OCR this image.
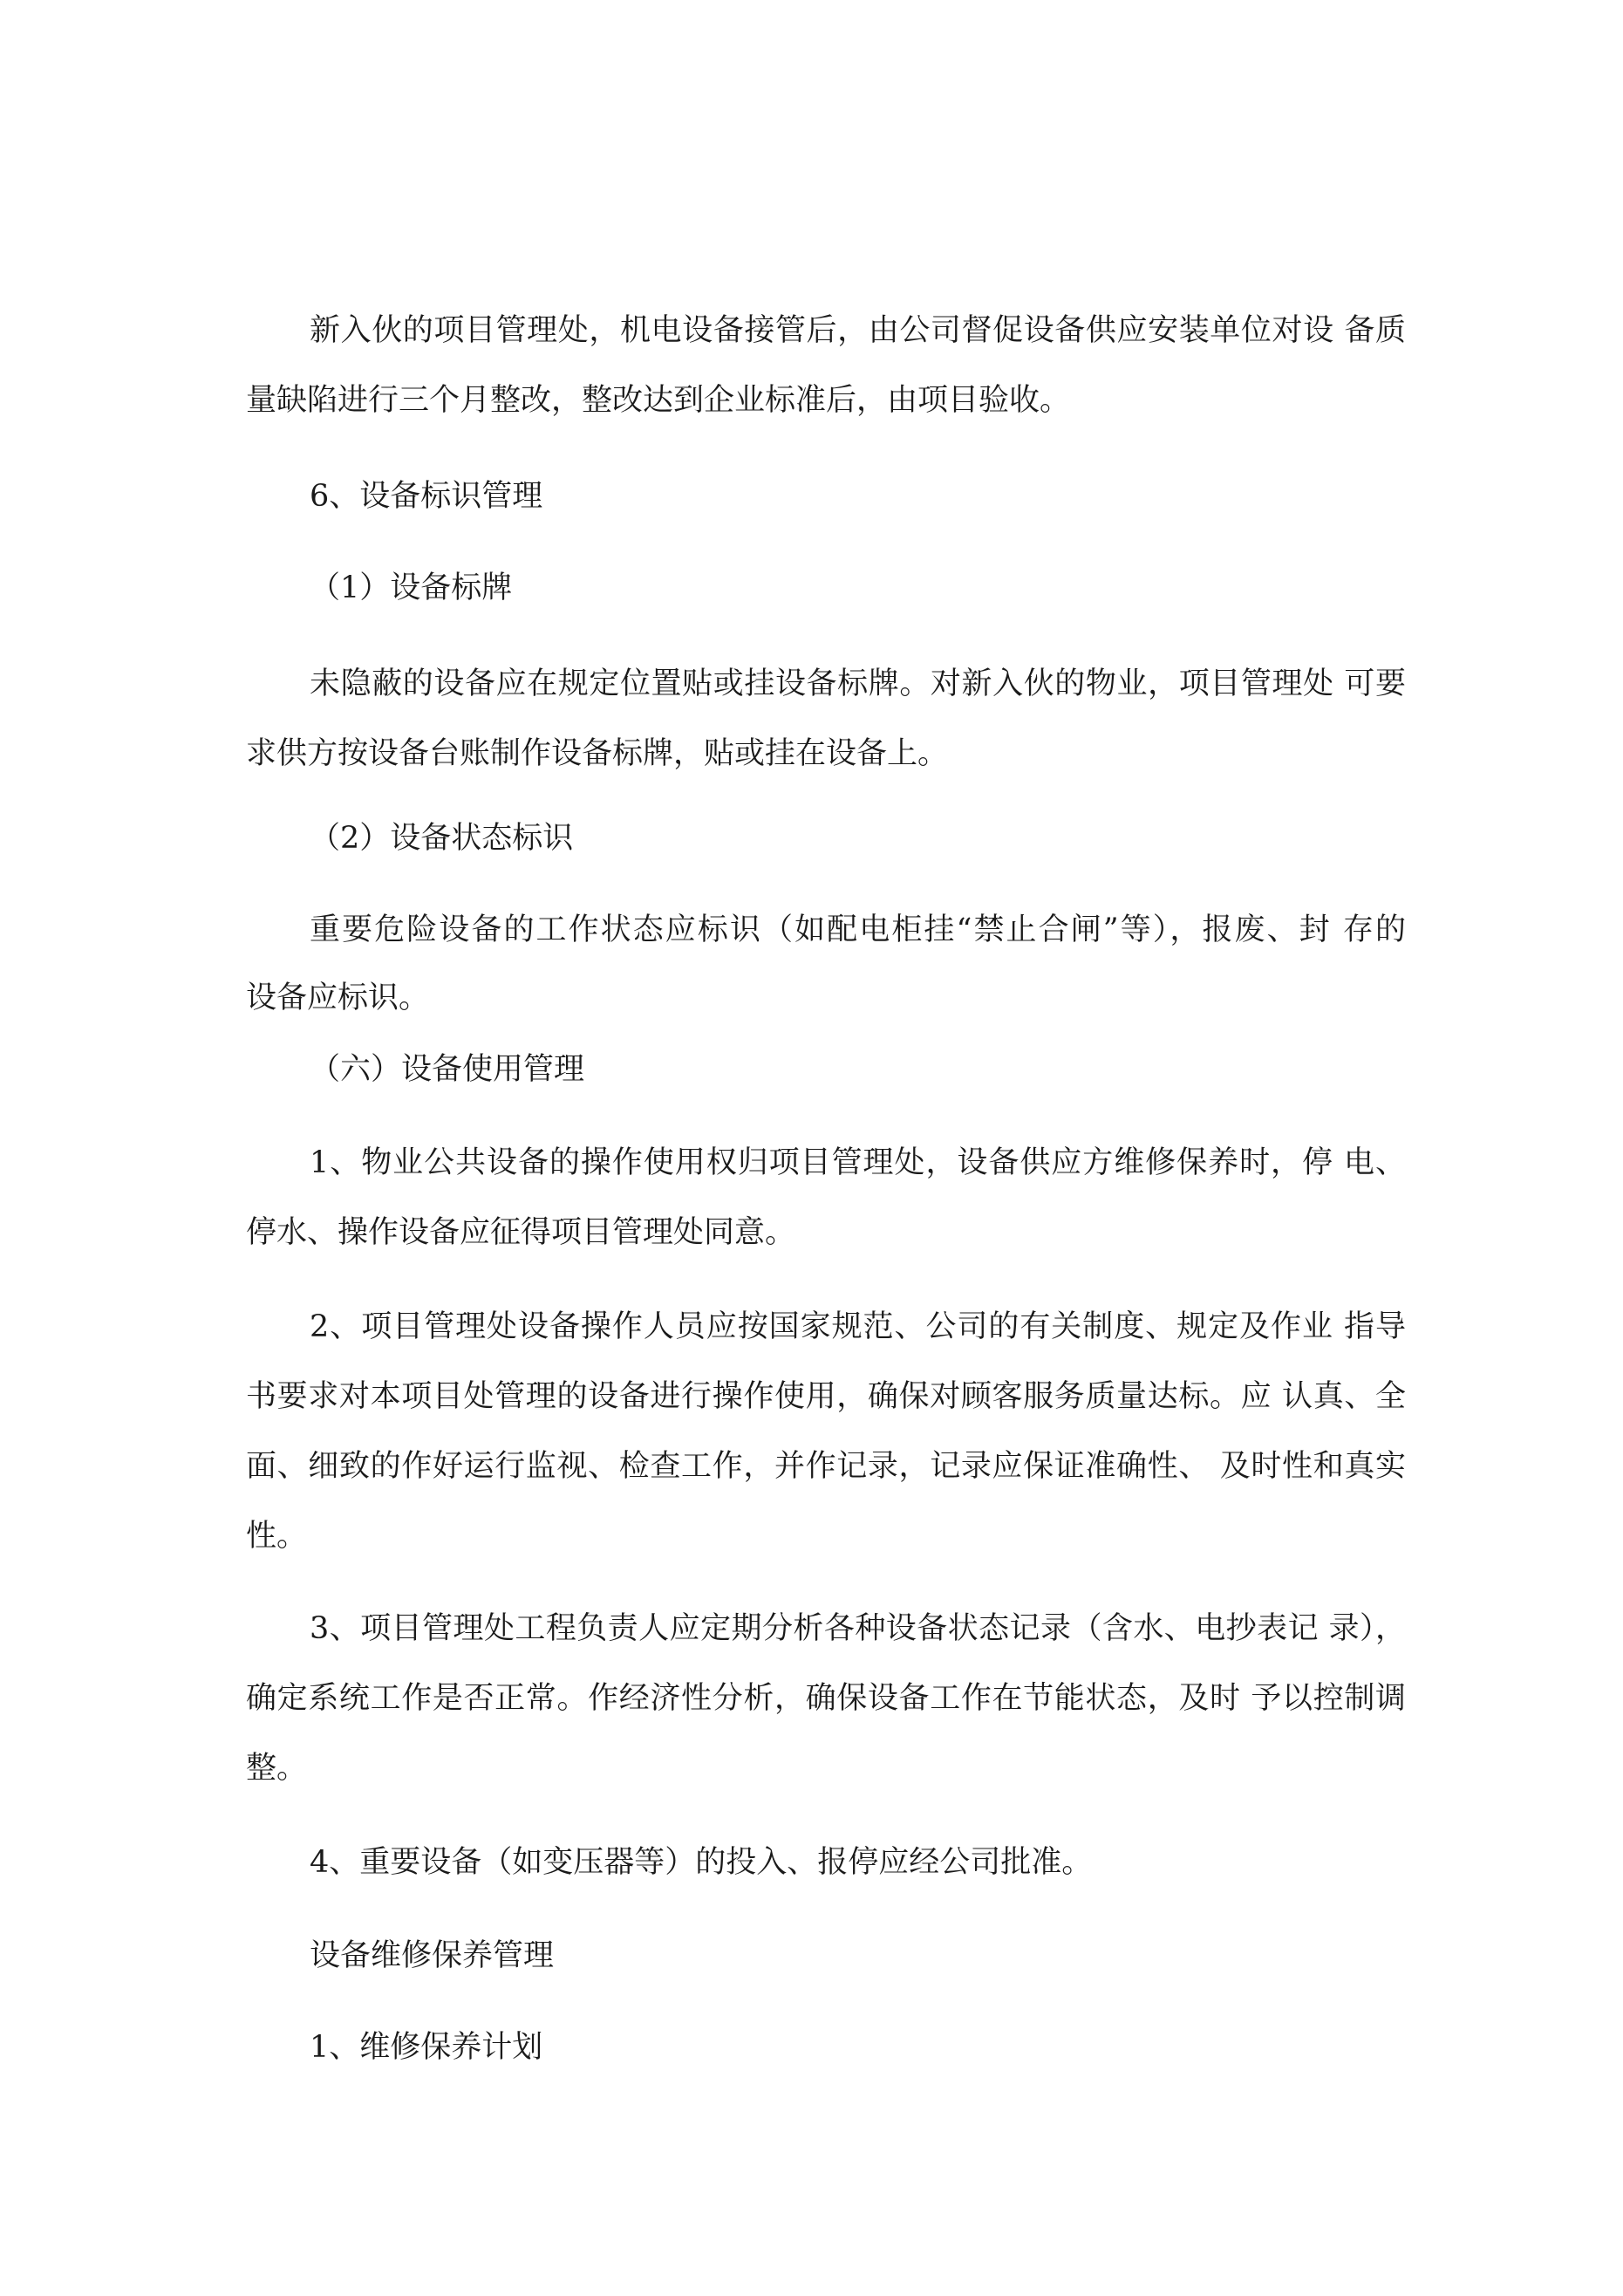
新入伙的项目管理处，机电设备接管后，由公司督促设备供应安装单位对设 备质
量缺陷进行三个月整改，整改达到企业标准后，由项目验收。
6、设备标识管理
（1）设备标牌
未隐蔽的设备应在规定位置贴或挂设备标牌。对新入伙的物业，项目管理处 可要
求供方按设备台账制作设备标牌，贴或挂在设备上。
（2）设备状态标识
重要危险设备的工作状态应标识（如配电柜挂“禁止合闸”等），报废、封 存的
设备应标识。
（六）设备使用管理
1、物业公共设备的操作使用权归项目管理处，设备供应方维修保养时，停 电、
停水、操作设备应征得项目管理处同意。
2、项目管理处设备操作人员应按国家规范、公司的有关制度、规定及作业 指导
书要求对本项目处管理的设备进行操作使用，确保对顾客服务质量达标。应 认真、全
面、细致的作好运行监视、检查工作，并作记录，记录应保证准确性、 及时性和真实
性。
3、项目管理处工程负责人应定期分析各种设备状态记录（含水、电抄表记 录），
确定系统工作是否正常。作经济性分析，确保设备工作在节能状态，及时 予以控制调
整。
4、重要设备（如变压器等）的投入、报停应经公司批准。
设备维修保养管理
1、维修保养计划
